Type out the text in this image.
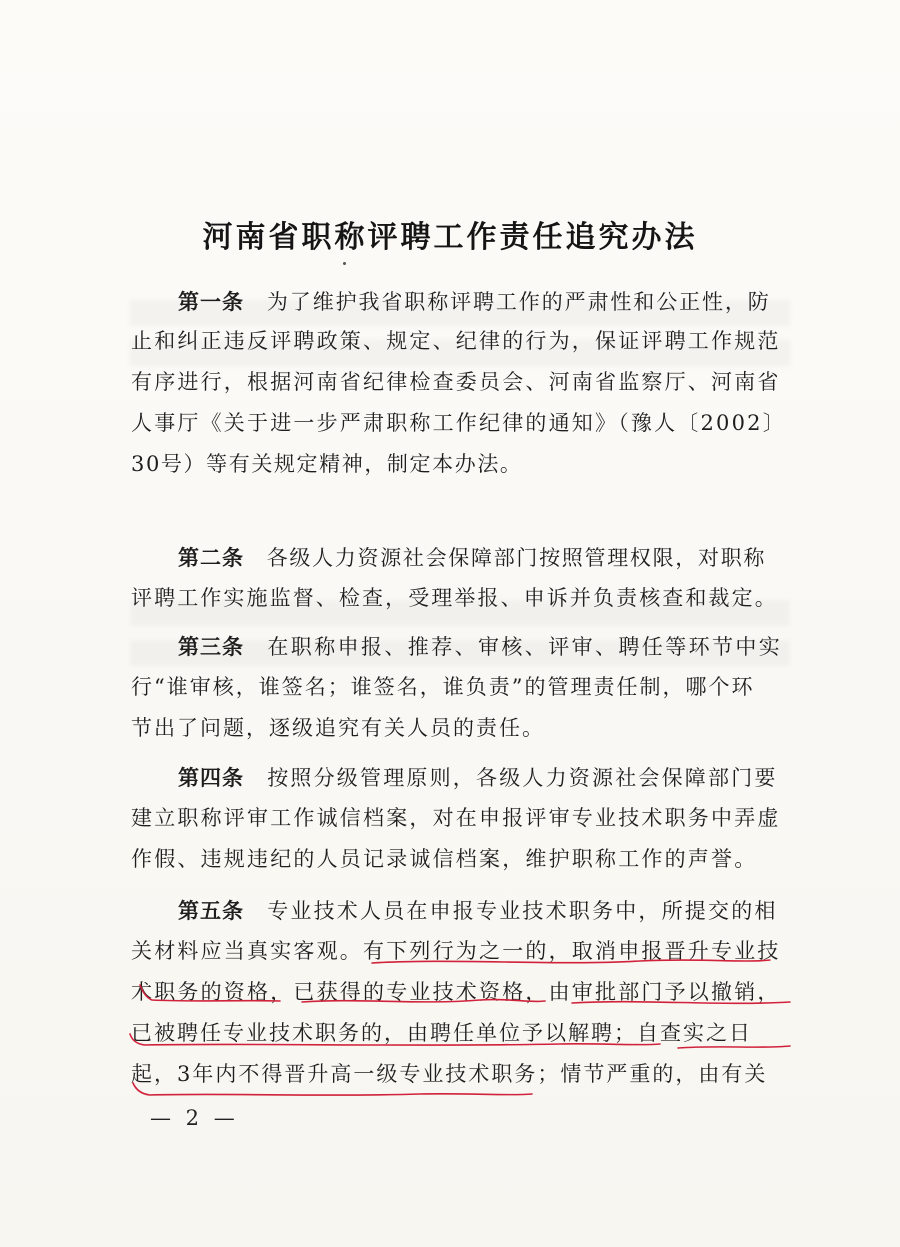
河南省职称评聘工作责任追究办法
第一条　 为了维护我省职称评聘工作的严肃性和公正性，防
止和纠正违反评聘政策、规定、纪律的行为，保证评聘工作规范
有序进行，根据河南省纪律检查委员会、河南省监察厅、河南省
人事厅《关于进一步严肃职称工作纪律的通知》（豫人〔2002〕
30号）等有关规定精神，制定本办法。
第二条　 各级人力资源社会保障部门按照管理权限，对职称
评聘工作实施监督、检查，受理举报、申诉并负责核查和裁定。
第三条　 在职称申报、推荐、审核、评审、聘任等环节中实
行“谁审核，谁签名；谁签名，谁负责”的管理责任制，哪个环
节出了问题，逐级追究有关人员的责任。
第四条　 按照分级管理原则，各级人力资源社会保障部门要
建立职称评审工作诚信档案，对在申报评审专业技术职务中弄虚
作假、违规违纪的人员记录诚信档案，维护职称工作的声誉。
第五条　 专业技术人员在申报专业技术职务中，所提交的相
关材料应当真实客观。有下列行为之一的，取消申报晋升专业技
术职务的资格，已获得的专业技术资格，由审批部门予以撤销，
已被聘任专业技术职务的，由聘任单位予以解聘；自查实之日
起，3年内不得晋升高一级专业技术职务；情节严重的，由有关
— 2 —
